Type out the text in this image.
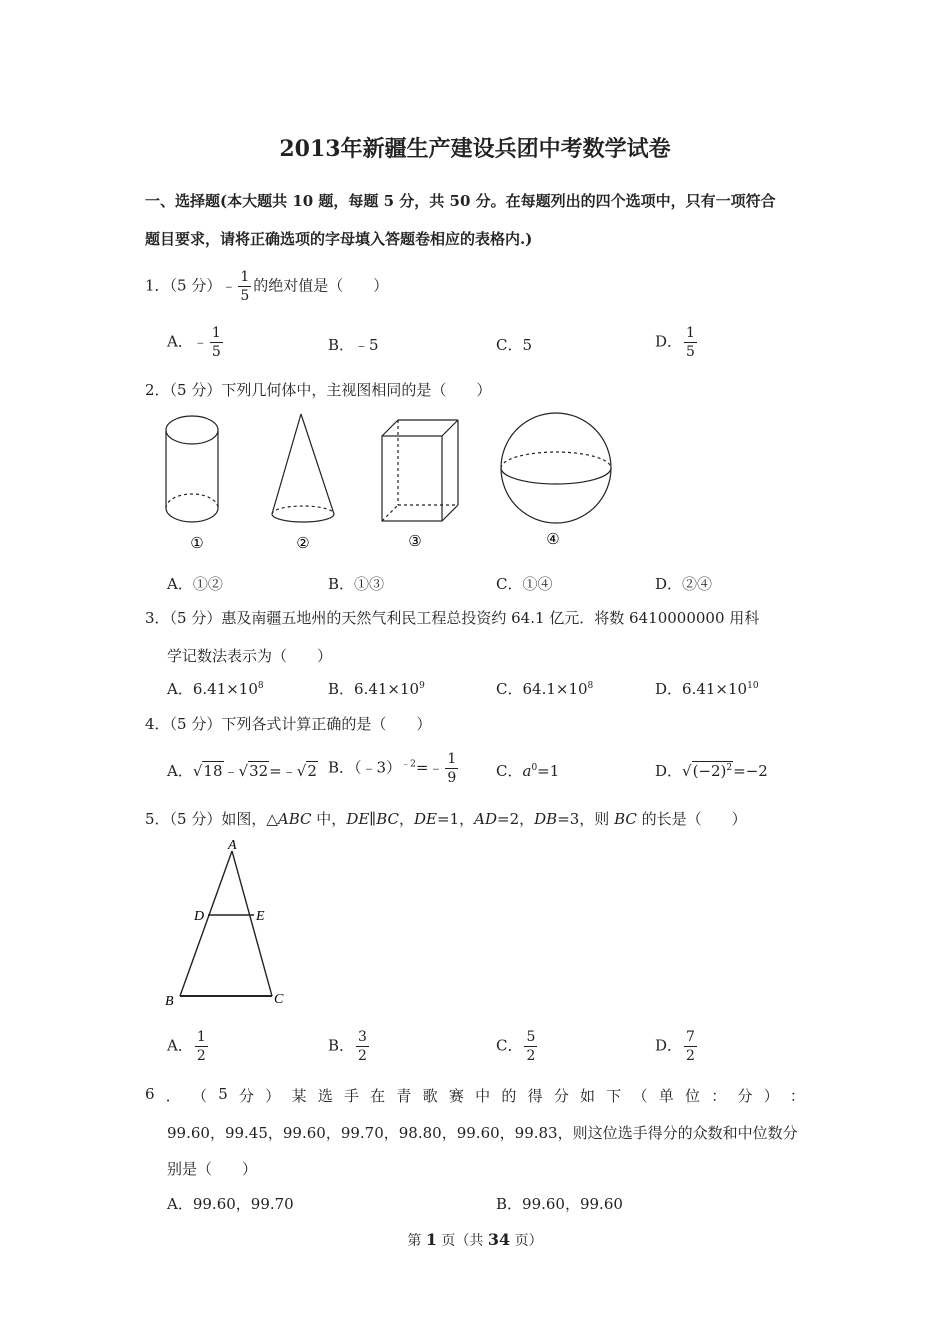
2013年新疆生产建设兵团中考数学试卷
一、选择题(本大题共 10 题，每题 5 分，共 50 分。在每题列出的四个选项中，只有一项符合
题目要求，请将正确选项的字母填入答题卷相应的表格内.)
1．（5 分）﹣ $\frac{1}{5}$ 的绝对值是（　　）
A．﹣ $\frac{1}{5}$	B．﹣5	C．5	D． $\frac{1}{5}$
2．（5 分）下列几何体中，主视图相同的是（　　）
①	②	③	④
A．①②	B．①③	C．①④	D．②④
3．（5 分）惠及南疆五地州的天然气利民工程总投资约 64.1 亿元．将数 6410000000 用科
学记数法表示为（　　）
A．$6.41\times 10^8$	B．$6.41\times 10^9$	C．$64.1\times 10^8$	D．$6.41\times 10^{10}$
4．（5 分）下列各式计算正确的是（　　）
A．√18﹣√32=﹣√2 B．（﹣3）$^{﹣2}$=﹣ $\frac{1}{9}$	C．$a^0=1$	D．$√(-2)^2=-2$
5．（5 分）如图，△ABC 中，DE∥BC，DE=1，AD=2，DB=3，则 BC 的长是（　　）
A
D	E
B	C
A． $\frac{1}{2}$	B． $\frac{3}{2}$	C． $\frac{5}{2}$	D． $\frac{7}{2}$
6 ． （ 5 分 ） 某 选 手 在 青 歌 赛 中 的 得 分 如 下 （ 单 位 ： 分 ） ：
99.60，99.45，99.60，99.70，98.80，99.60，99.83，则这位选手得分的众数和中位数分
别是（　　）
A．99.60，99.70	B．99.60，99.60
第 1 页（共 34 页）
